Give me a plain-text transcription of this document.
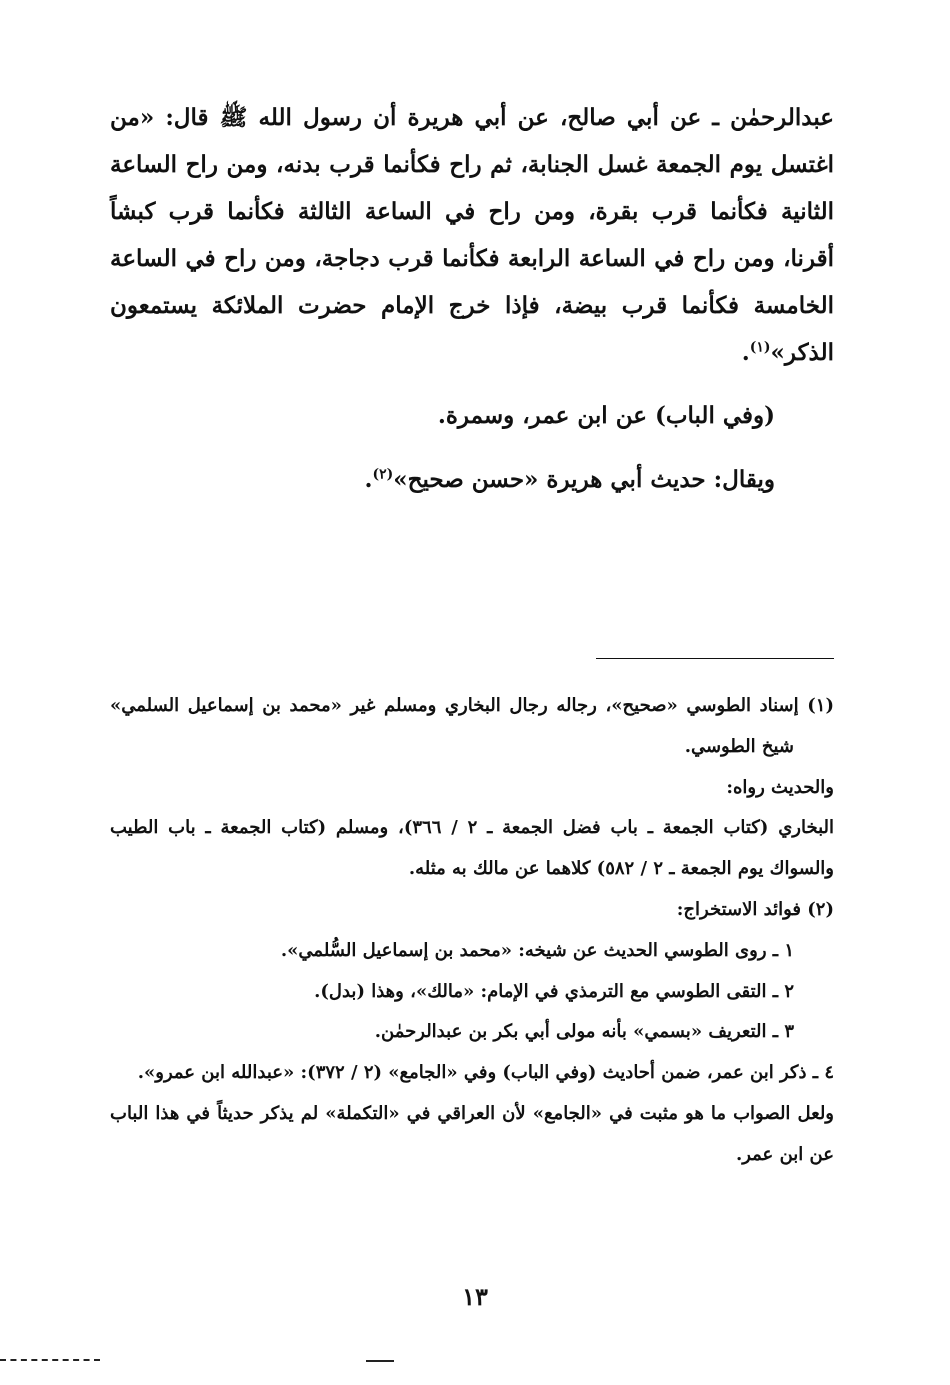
عبدالرحمٰن ـ عن أبي صالح، عن أبي هريرة أن رسول الله ﷺ قال: «من اغتسل يوم الجمعة غسل الجنابة، ثم راح فكأنما قرب بدنه، ومن راح الساعة الثانية فكأنما قرب بقرة، ومن راح في الساعة الثالثة فكأنما قرب كبشاً أقرنا، ومن راح في الساعة الرابعة فكأنما قرب دجاجة، ومن راح في الساعة الخامسة فكأنما قرب بيضة، فإذا خرج الإمام حضرت الملائكة يستمعون الذكر»$^{(١)}$.

(وفي الباب) عن ابن عمر، وسمرة.
ويقال: حديث أبي هريرة «حسن صحيح»$^{(٢)}$.

(١) إسناد الطوسي «صحيح»، رجاله رجال البخاري ومسلم غير «محمد بن إسماعيل السلمي» شيخ الطوسي.

والحديث رواه:

البخاري (كتاب الجمعة ـ باب فضل الجمعة ـ ٢ / ٣٦٦)، ومسلم (كتاب الجمعة ـ باب الطيب والسواك يوم الجمعة ـ ٢ / ٥٨٢) كلاهما عن مالك به مثله.

(٢) فوائد الاستخراج:

١ ـ روى الطوسي الحديث عن شيخه: «محمد بن إسماعيل السُّلمي».

٢ ـ التقى الطوسي مع الترمذي في الإمام: «مالك»، وهذا (بدل).

٣ ـ التعريف «بسمي» بأنه مولى أبي بكر بن عبدالرحمٰن.

٤ ـ ذكر ابن عمر، ضمن أحاديث (وفي الباب) وفي «الجامع» (٢ / ٣٧٢): «عبدالله ابن عمرو».

ولعل الصواب ما هو مثبت في «الجامع» لأن العراقي في «التكملة» لم يذكر حديثاً في هذا الباب عن ابن عمر.

١٣
